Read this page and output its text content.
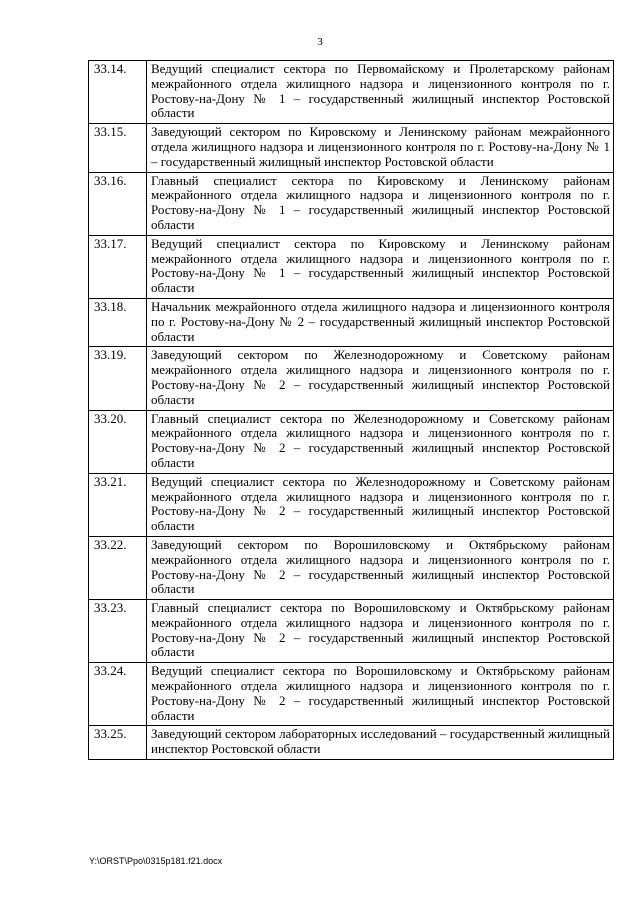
3
33.14.	Ведущий специалист сектора по Первомайскому и Пролетарскому районам межрайонного отдела жилищного надзора и лицензионного контроля по г. Ростову-на-Дону № 1 – государственный жилищный инспектор Ростовской области
33.15.	Заведующий сектором по Кировскому и Ленинскому районам межрайонного отдела жилищного надзора и лицензионного контроля по г. Ростову-на-Дону № 1 – государственный жилищный инспектор Ростовской области
33.16.	Главный специалист сектора по Кировскому и Ленинскому районам межрайонного отдела жилищного надзора и лицензионного контроля по г. Ростову-на-Дону № 1 – государственный жилищный инспектор Ростовской области
33.17.	Ведущий специалист сектора по Кировскому и Ленинскому районам межрайонного отдела жилищного надзора и лицензионного контроля по г. Ростову-на-Дону № 1 – государственный жилищный инспектор Ростовской области
33.18.	Начальник межрайонного отдела жилищного надзора и лицензионного контроля по г. Ростову-на-Дону № 2 – государственный жилищный инспектор Ростовской области
33.19.	Заведующий сектором по Железнодорожному и Советскому районам межрайонного отдела жилищного надзора и лицензионного контроля по г. Ростову-на-Дону № 2 – государственный жилищный инспектор Ростовской области
33.20.	Главный специалист сектора по Железнодорожному и Советскому районам межрайонного отдела жилищного надзора и лицензионного контроля по г. Ростову-на-Дону № 2 – государственный жилищный инспектор Ростовской области
33.21.	Ведущий специалист сектора по Железнодорожному и Советскому районам межрайонного отдела жилищного надзора и лицензионного контроля по г. Ростову-на-Дону № 2 – государственный жилищный инспектор Ростовской области
33.22.	Заведующий сектором по Ворошиловскому и Октябрьскому районам межрайонного отдела жилищного надзора и лицензионного контроля по г. Ростову-на-Дону № 2 – государственный жилищный инспектор Ростовской области
33.23.	Главный специалист сектора по Ворошиловскому и Октябрьскому районам межрайонного отдела жилищного надзора и лицензионного контроля по г. Ростову-на-Дону № 2 – государственный жилищный инспектор Ростовской области
33.24.	Ведущий специалист сектора по Ворошиловскому и Октябрьскому районам межрайонного отдела жилищного надзора и лицензионного контроля по г. Ростову-на-Дону № 2 – государственный жилищный инспектор Ростовской области
33.25.	Заведующий сектором лабораторных исследований – государственный жилищный инспектор Ростовской области
Y:\ORST\Ppo\0315p181.f21.docx
